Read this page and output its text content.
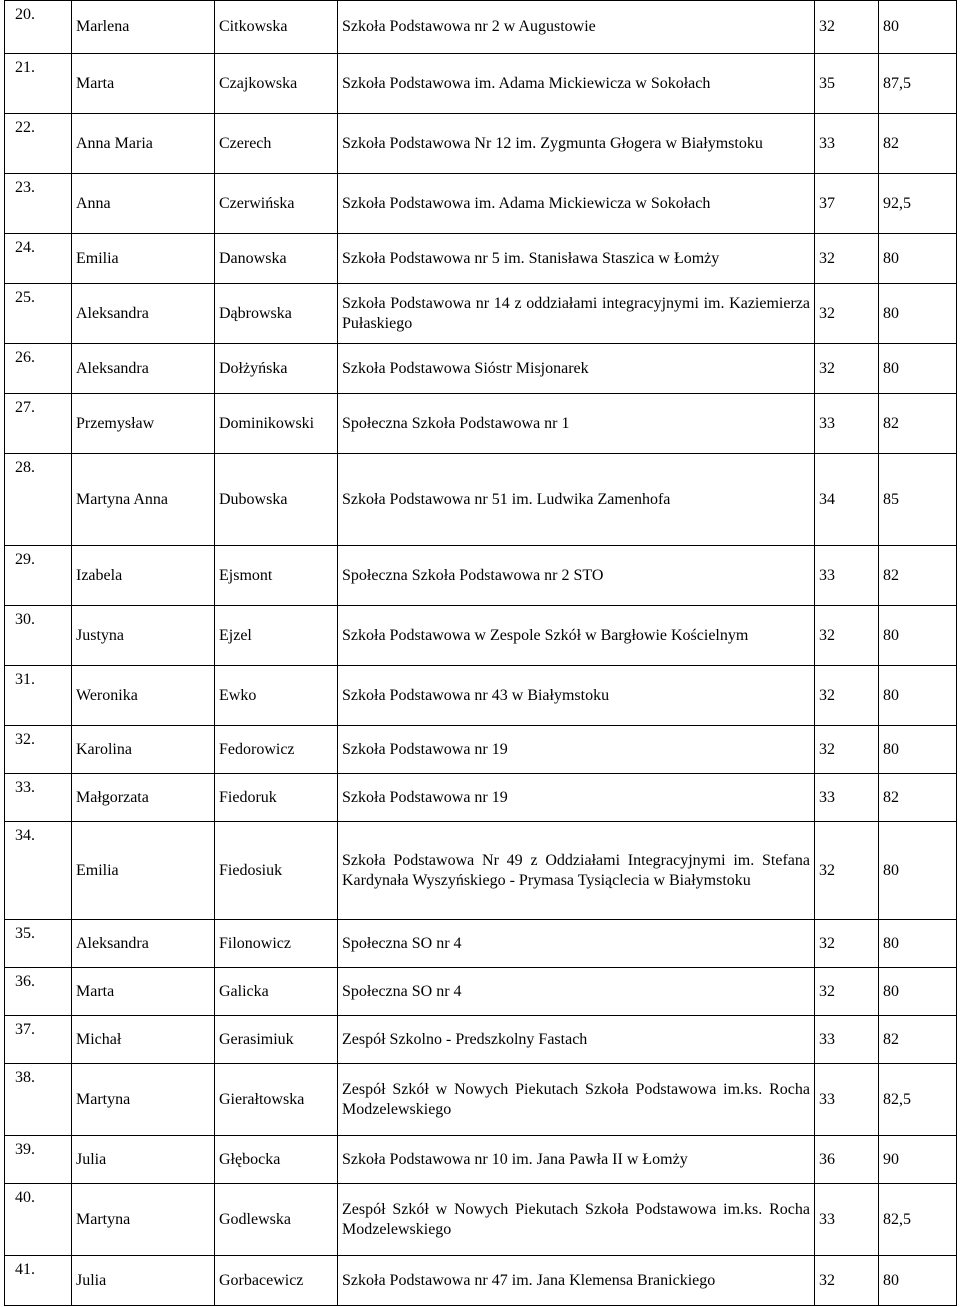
20.	Marlena	Citkowska	Szkoła Podstawowa nr 2 w Augustowie	32	80
21.	Marta	Czajkowska	Szkoła Podstawowa im. Adama Mickiewicza w Sokołach	35	87,5
22.	Anna Maria	Czerech	Szkoła Podstawowa Nr 12 im. Zygmunta Głogera w Białymstoku	33	82
23.	Anna	Czerwińska	Szkoła Podstawowa im. Adama Mickiewicza w Sokołach	37	92,5
24.	Emilia	Danowska	Szkoła Podstawowa nr 5 im. Stanisława Staszica w Łomży	32	80
25.	Aleksandra	Dąbrowska	Szkoła Podstawowa nr 14 z oddziałami integracyjnymi im. Kaziemierza Pułaskiego	32	80
26.	Aleksandra	Dołżyńska	Szkoła Podstawowa Sióstr Misjonarek	32	80
27.	Przemysław	Dominikowski	Społeczna Szkoła Podstawowa nr 1	33	82
28.	Martyna Anna	Dubowska	Szkoła Podstawowa nr 51 im. Ludwika Zamenhofa	34	85
29.	Izabela	Ejsmont	Społeczna Szkoła Podstawowa nr 2 STO	33	82
30.	Justyna	Ejzel	Szkoła Podstawowa w Zespole Szkół w Bargłowie Kościelnym	32	80
31.	Weronika	Ewko	Szkoła Podstawowa nr 43 w Białymstoku	32	80
32.	Karolina	Fedorowicz	Szkoła Podstawowa nr 19	32	80
33.	Małgorzata	Fiedoruk	Szkoła Podstawowa nr 19	33	82
34.	Emilia	Fiedosiuk	Szkoła Podstawowa Nr 49 z Oddziałami Integracyjnymi im. Stefana Kardynała Wyszyńskiego - Prymasa Tysiąclecia w Białymstoku	32	80
35.	Aleksandra	Filonowicz	Społeczna SO nr 4	32	80
36.	Marta	Galicka	Społeczna SO nr 4	32	80
37.	Michał	Gerasimiuk	Zespół Szkolno - Predszkolny Fastach	33	82
38.	Martyna	Gierałtowska	Zespół Szkół w Nowych Piekutach Szkoła Podstawowa im.ks. Rocha Modzelewskiego	33	82,5
39.	Julia	Głębocka	Szkoła Podstawowa nr 10 im. Jana Pawła II w Łomży	36	90
40.	Martyna	Godlewska	Zespół Szkół w Nowych Piekutach Szkoła Podstawowa im.ks. Rocha Modzelewskiego	33	82,5
41.	Julia	Gorbacewicz	Szkoła Podstawowa nr 47 im. Jana Klemensa Branickiego	32	80
